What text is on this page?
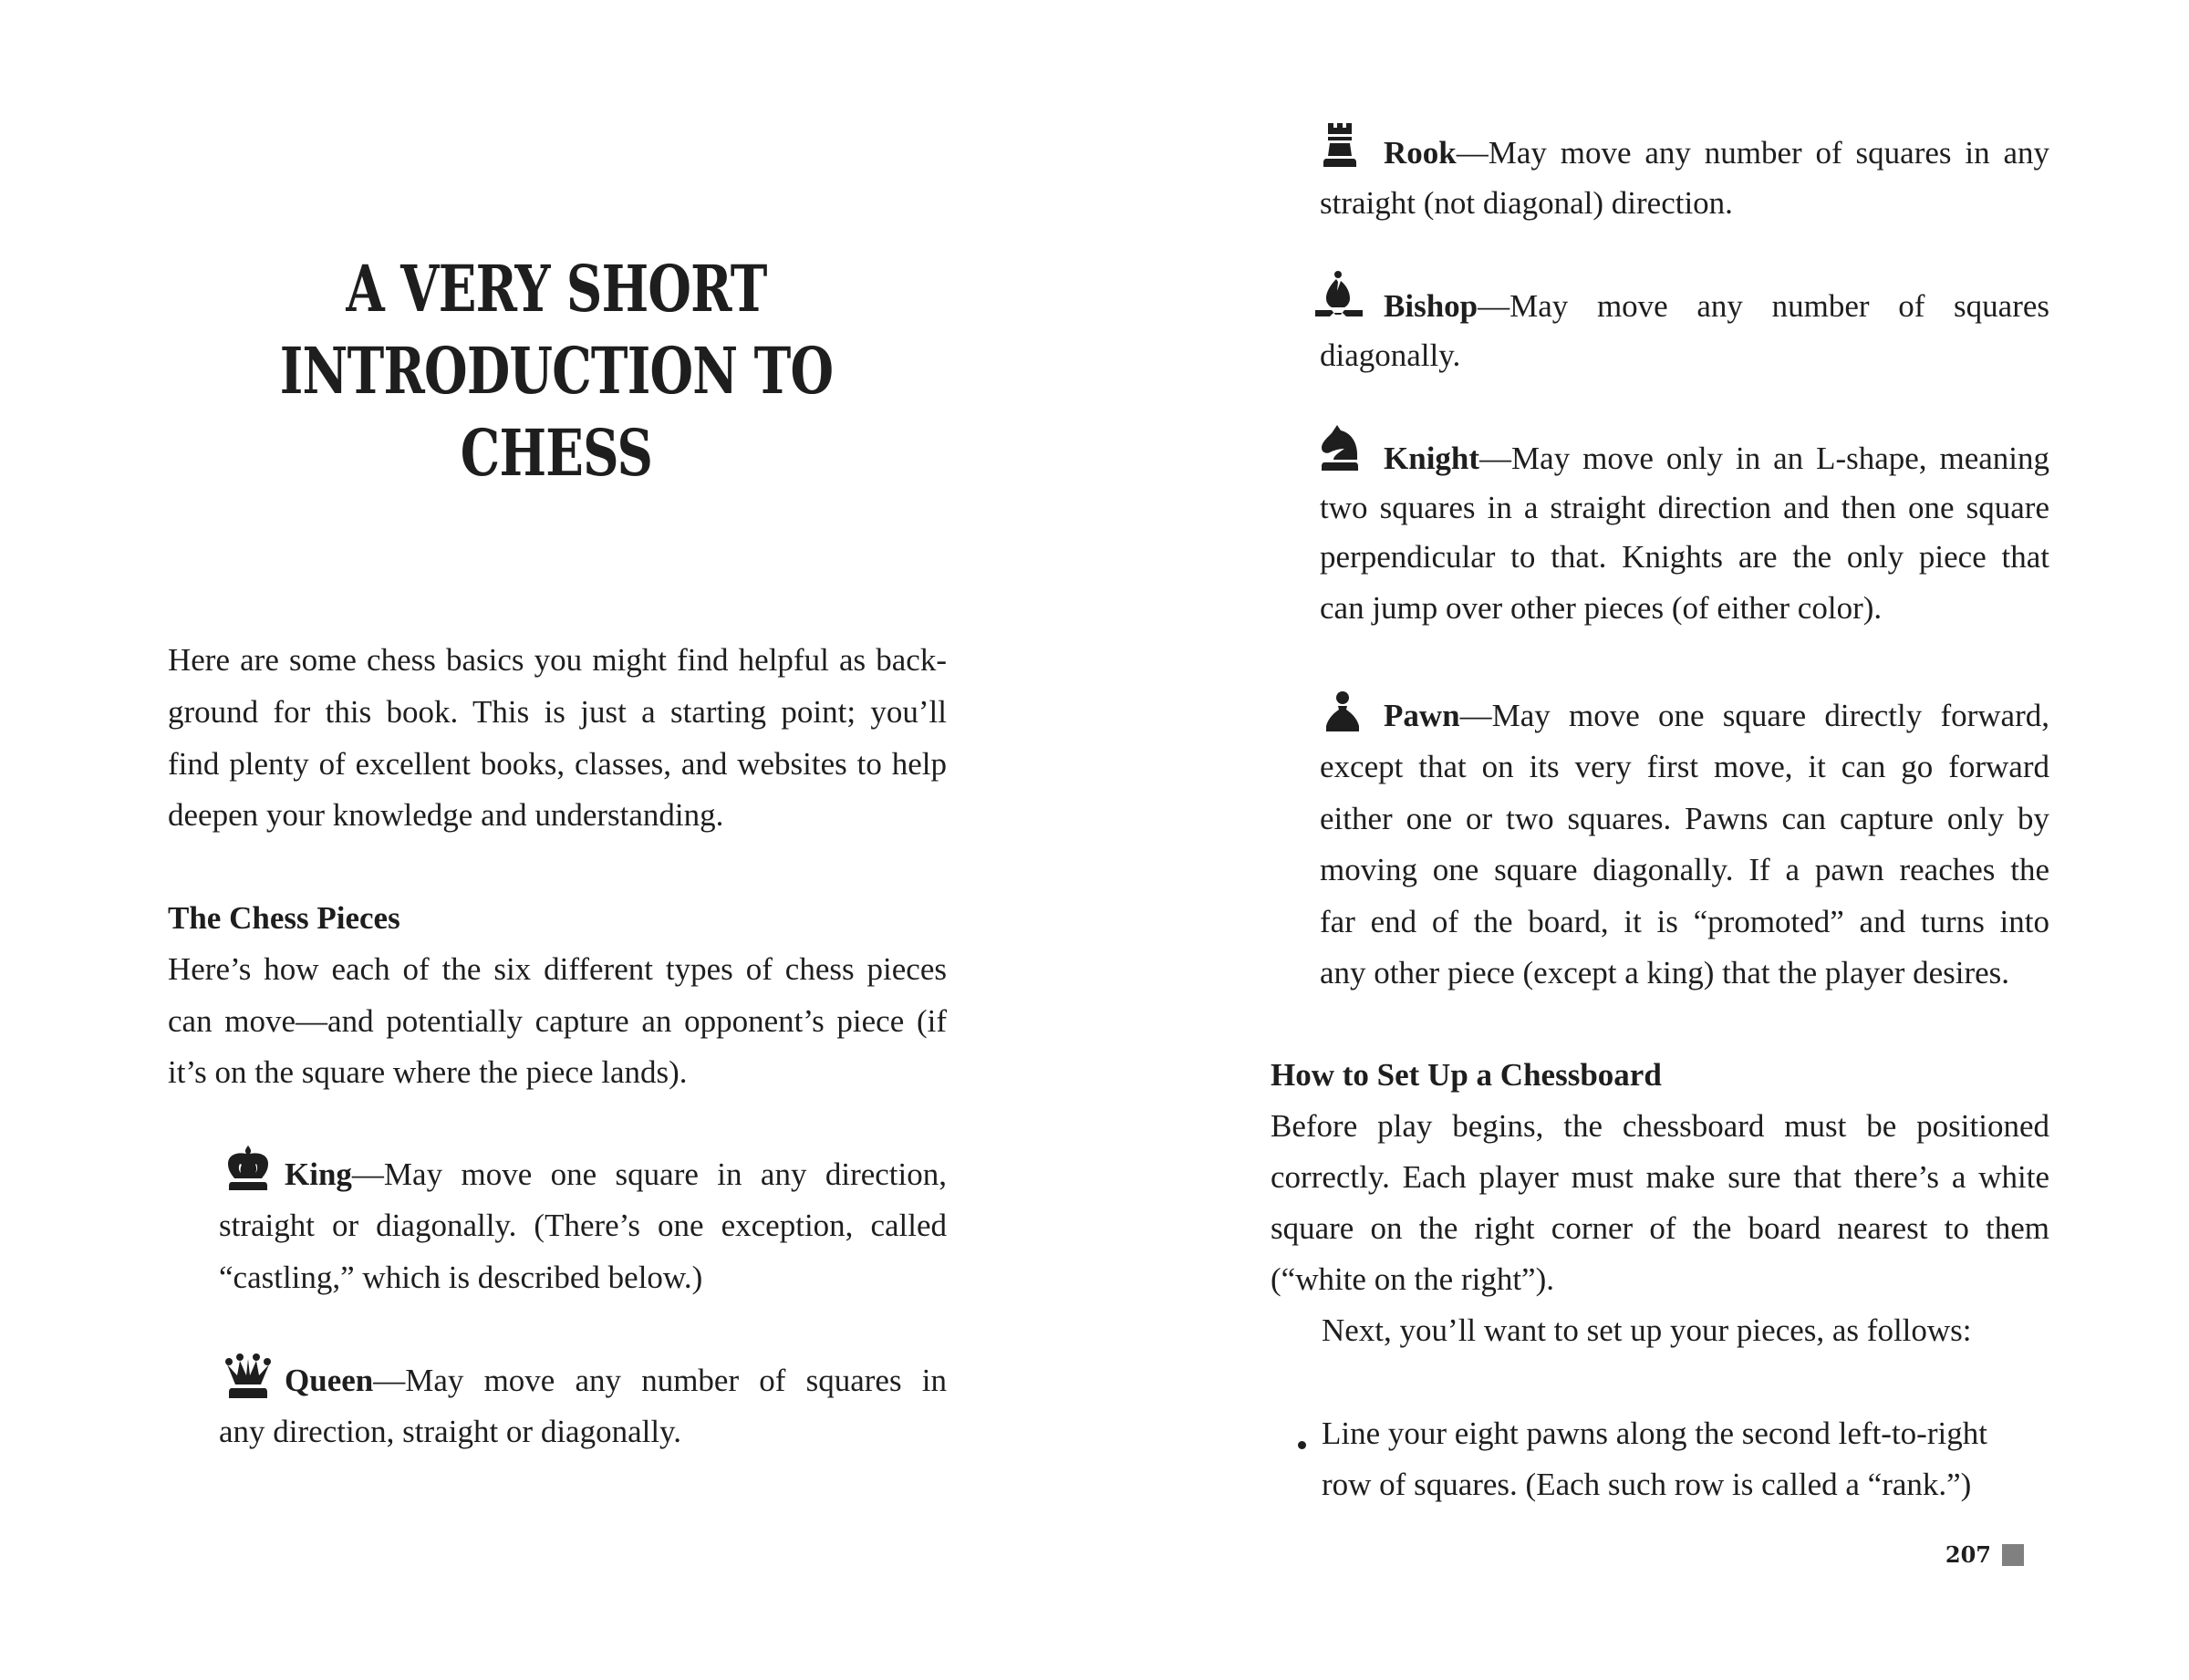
A VERY SHORT
INTRODUCTION TO
CHESS
Here are some chess basics you might find helpful as back-
ground for this book. This is just a starting point; you’ll
find plenty of excellent books, classes, and websites to help
deepen your knowledge and understanding.
The Chess Pieces
Here’s how each of the six different types of chess pieces
can move—and potentially capture an opponent’s piece (if
it’s on the square where the piece lands).
King—May move one square in any direction,
straight or diagonally. (There’s one exception, called
“castling,” which is described below.)
Queen—May move any number of squares in
any direction, straight or diagonally.
Rook—May move any number of squares in any
straight (not diagonal) direction.
Bishop—May move any number of squares
diagonally.
Knight—May move only in an L-shape, meaning
two squares in a straight direction and then one square
perpendicular to that. Knights are the only piece that
can jump over other pieces (of either color).
Pawn—May move one square directly forward,
except that on its very first move, it can go forward
either one or two squares. Pawns can capture only by
moving one square diagonally. If a pawn reaches the
far end of the board, it is “promoted” and turns into
any other piece (except a king) that the player desires.
How to Set Up a Chessboard
Before play begins, the chessboard must be positioned
correctly. Each player must make sure that there’s a white
square on the right corner of the board nearest to them
(“white on the right”).
Next, you’ll want to set up your pieces, as follows:
Line your eight pawns along the second left-to-right
row of squares. (Each such row is called a “rank.”)
207
